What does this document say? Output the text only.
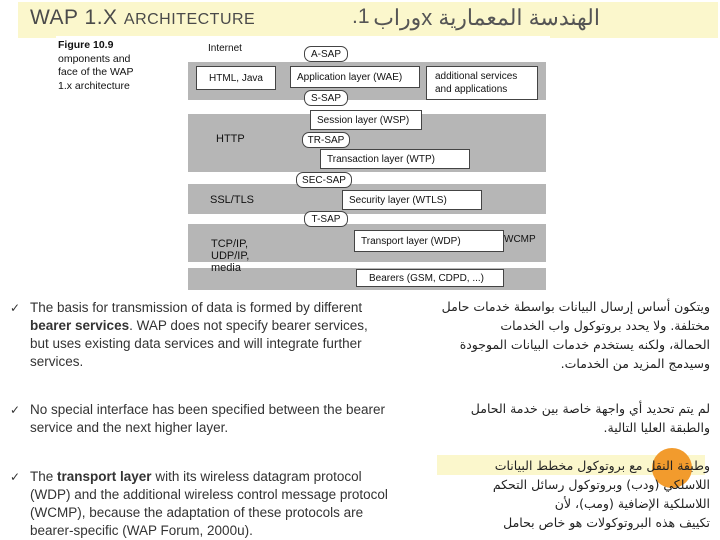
WAP 1.X ARCHITECTURE	.1 الهندسة المعمارية xوراب
Figure 10.9
omponents and
face of the WAP
1.x architecture
Internet
HTML, Java
HTTP
SSL/TLS
TCP/IP,
UDP/IP,
media
A-SAP
S-SAP
TR-SAP
SEC-SAP
T-SAP
Application layer (WAE)
Session layer (WSP)
Transaction layer (WTP)
Security layer (WTLS)
Transport layer (WDP)
additional services
and applications
WCMP
Bearers (GSM, CDPD, ...)
✓ The basis for transmission of data is formed by different
bearer services. WAP does not specify bearer services,
but uses existing data services and will integrate further
services.
✓ No special interface has been specified between the bearer
service and the next higher layer.
✓ The transport layer with its wireless datagram protocol
(WDP) and the additional wireless control message protocol
(WCMP), because the adaptation of these protocols are
bearer-specific (WAP Forum, 2000u).
ويتكون أساس إرسال البيانات بواسطة خدمات حامل
مختلفة. ولا يحدد بروتوكول واب الخدمات
الحمالة، ولكنه يستخدم خدمات البيانات الموجودة
وسيدمج المزيد من الخدمات.
لم يتم تحديد أي واجهة خاصة بين خدمة الحامل
والطبقة العليا التالية.
وطبقة النقل مع بروتوكول مخطط البيانات
اللاسلكي (ودب) وبروتوكول رسائل التحكم
اللاسلكية الإضافية (ومب)، لأن
تكييف هذه البروتوكولات هو خاص بحامل
